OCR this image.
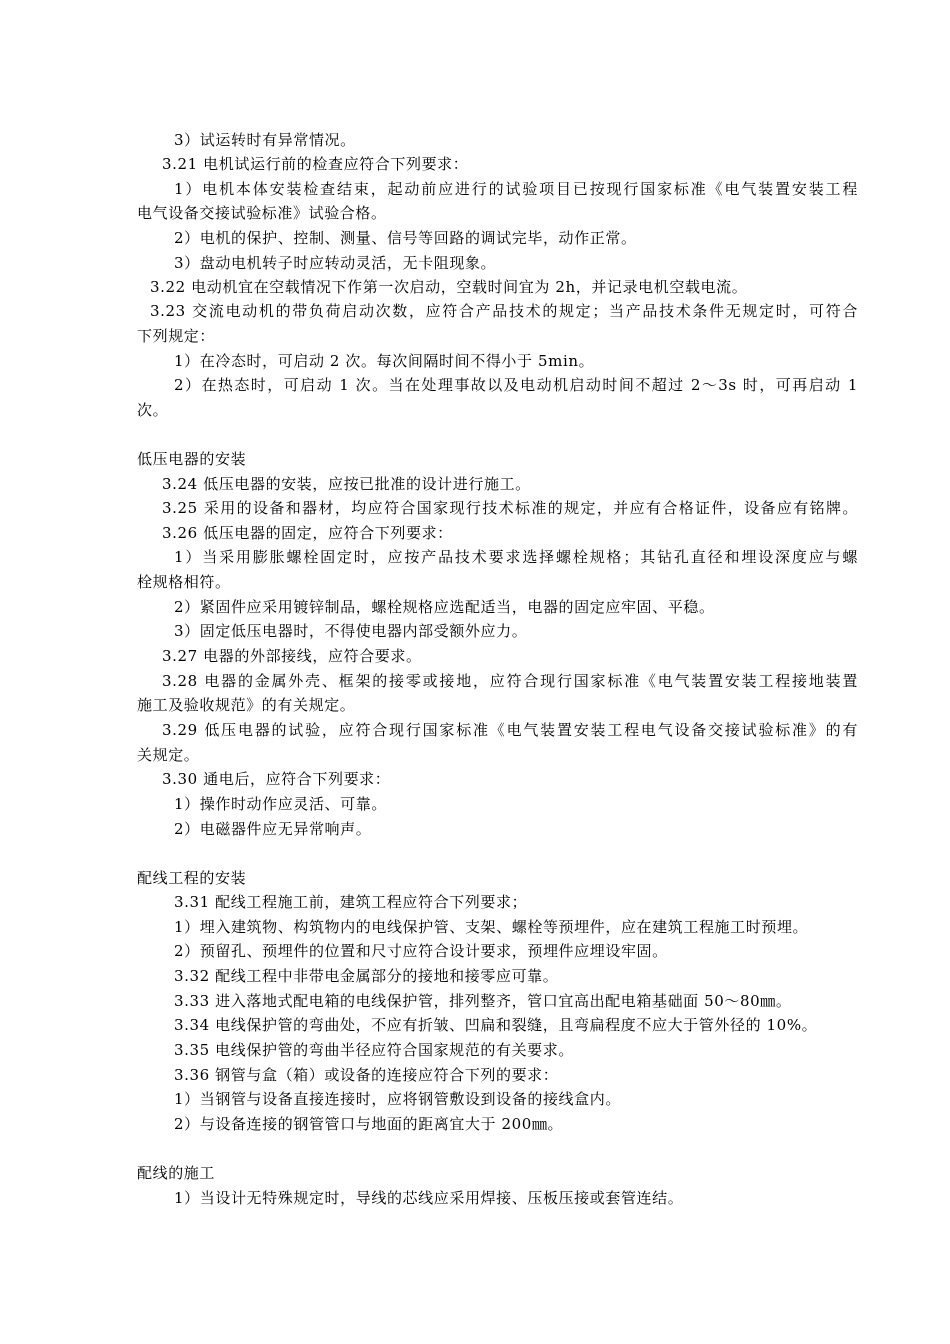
3）试运转时有异常情况。
3.21 电机试运行前的检查应符合下列要求：
1）电机本体安装检查结束，起动前应进行的试验项目已按现行国家标准《电气装置安装工程
电气设备交接试验标准》试验合格。
2）电机的保护、控制、测量、信号等回路的调试完毕，动作正常。
3）盘动电机转子时应转动灵活，无卡阻现象。
3.22 电动机宜在空载情况下作第一次启动，空载时间宜为 2h，并记录电机空载电流。
3.23 交流电动机的带负荷启动次数，应符合产品技术的规定；当产品技术条件无规定时，可符合
下列规定：
1）在冷态时，可启动 2 次。每次间隔时间不得小于 5min。
2）在热态时，可启动 1 次。当在处理事故以及电动机启动时间不超过 2～3s 时，可再启动 1
次。
低压电器的安装
3.24 低压电器的安装，应按已批准的设计进行施工。
3.25 采用的设备和器材，均应符合国家现行技术标准的规定，并应有合格证件，设备应有铭牌。
3.26 低压电器的固定，应符合下列要求：
1）当采用膨胀螺栓固定时，应按产品技术要求选择螺栓规格；其钻孔直径和埋设深度应与螺
栓规格相符。
2）紧固件应采用镀锌制品，螺栓规格应选配适当，电器的固定应牢固、平稳。
3）固定低压电器时，不得使电器内部受额外应力。
3.27 电器的外部接线，应符合要求。
3.28 电器的金属外壳、框架的接零或接地，应符合现行国家标准《电气装置安装工程接地装置
施工及验收规范》的有关规定。
3.29 低压电器的试验，应符合现行国家标准《电气装置安装工程电气设备交接试验标准》的有
关规定。
3.30 通电后，应符合下列要求：
1）操作时动作应灵活、可靠。
2）电磁器件应无异常响声。
配线工程的安装
3.31 配线工程施工前，建筑工程应符合下列要求；
1）埋入建筑物、构筑物内的电线保护管、支架、螺栓等预埋件，应在建筑工程施工时预埋。
2）预留孔、预埋件的位置和尺寸应符合设计要求，预埋件应埋设牢固。
3.32 配线工程中非带电金属部分的接地和接零应可靠。
3.33 进入落地式配电箱的电线保护管，排列整齐，管口宜高出配电箱基础面 50～80㎜。
3.34 电线保护管的弯曲处，不应有折皱、凹扁和裂缝，且弯扁程度不应大于管外径的 10%。
3.35 电线保护管的弯曲半径应符合国家规范的有关要求。
3.36 钢管与盒（箱）或设备的连接应符合下列的要求：
1）当钢管与设备直接连接时，应将钢管敷设到设备的接线盒内。
2）与设备连接的钢管管口与地面的距离宜大于 200㎜。
配线的施工
1）当设计无特殊规定时，导线的芯线应采用焊接、压板压接或套管连结。
